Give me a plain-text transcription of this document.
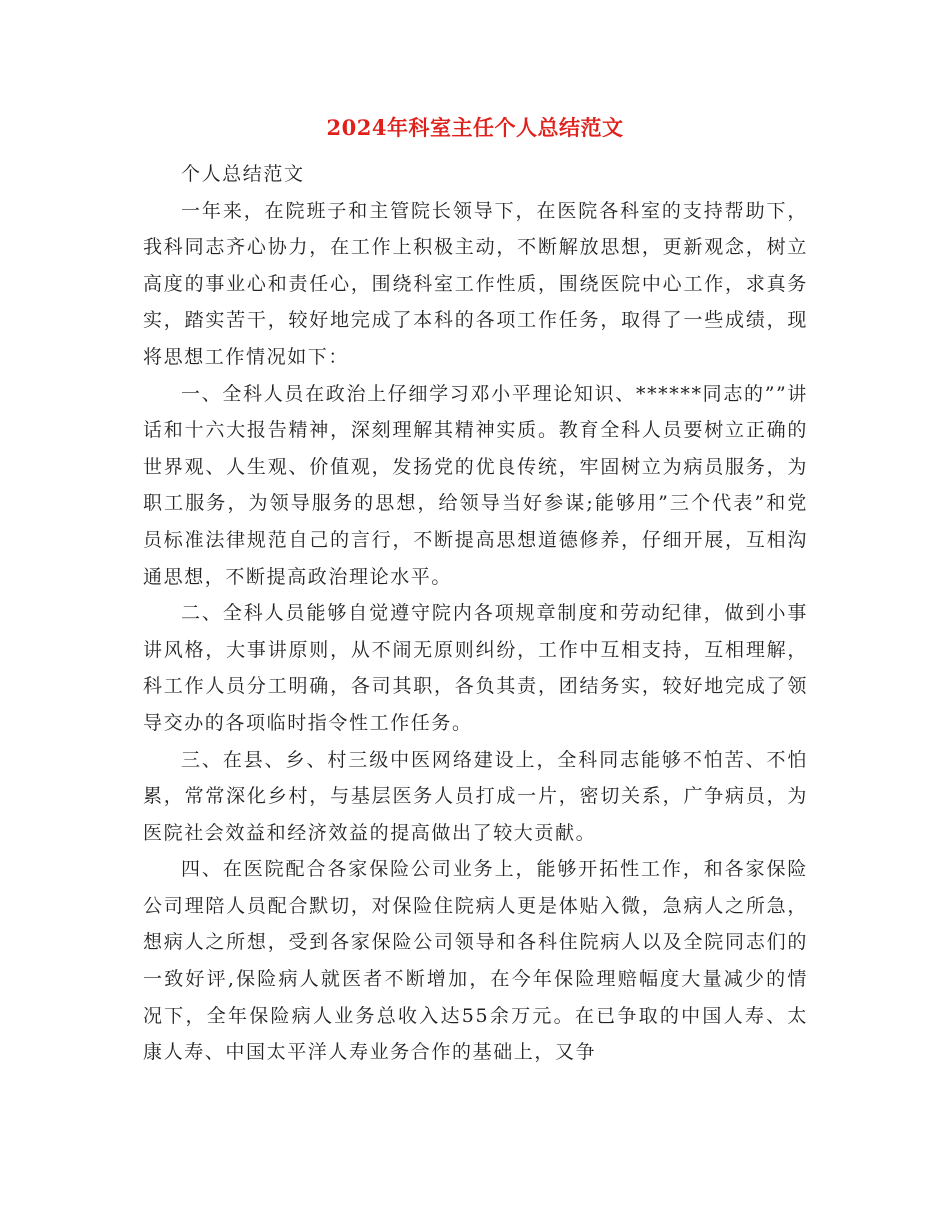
2024年科室主任个人总结范文

个人总结范文

一年来，在院班子和主管院长领导下，在医院各科室的支持帮助下，我科同志齐心协力，在工作上积极主动，不断解放思想，更新观念，树立高度的事业心和责任心，围绕科室工作性质，围绕医院中心工作，求真务实，踏实苦干，较好地完成了本科的各项工作任务，取得了一些成绩，现将思想工作情况如下：

一、全科人员在政治上仔细学习邓小平理论知识、******同志的””讲话和十六大报告精神，深刻理解其精神实质。教育全科人员要树立正确的世界观、人生观、价值观，发扬党的优良传统，牢固树立为病员服务，为职工服务，为领导服务的思想，给领导当好参谋;能够用”三个代表”和党员标准法律规范自己的言行，不断提高思想道德修养，仔细开展，互相沟通思想，不断提高政治理论水平。

二、全科人员能够自觉遵守院内各项规章制度和劳动纪律，做到小事讲风格，大事讲原则，从不闹无原则纠纷，工作中互相支持，互相理解，科工作人员分工明确，各司其职，各负其责，团结务实，较好地完成了领导交办的各项临时指令性工作任务。

三、在县、乡、村三级中医网络建设上，全科同志能够不怕苦、不怕累，常常深化乡村，与基层医务人员打成一片，密切关系，广争病员，为医院社会效益和经济效益的提高做出了较大贡献。

四、在医院配合各家保险公司业务上，能够开拓性工作，和各家保险公司理陪人员配合默切，对保险住院病人更是体贴入微，急病人之所急，想病人之所想，受到各家保险公司领导和各科住院病人以及全院同志们的一致好评,保险病人就医者不断增加，在今年保险理赔幅度大量减少的情况下，全年保险病人业务总收入达55余万元。在已争取的中国人寿、太康人寿、中国太平洋人寿业务合作的基础上，又争
